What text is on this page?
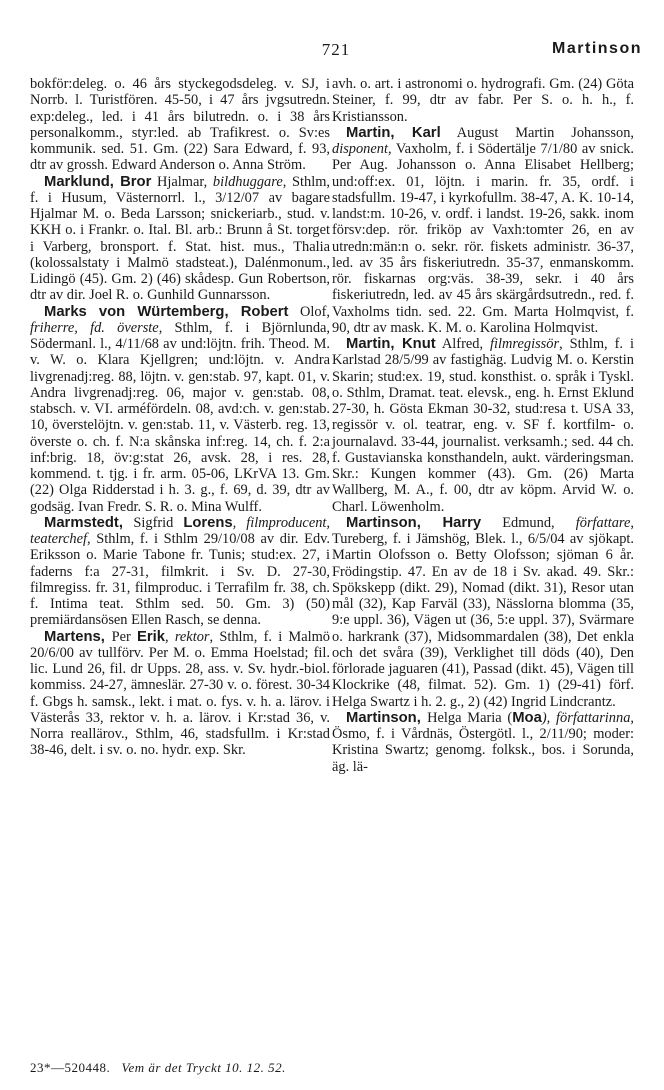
721	Martinson

bokför:deleg. o. 46 års styckegodsdeleg. v. SJ, i Norrb. l. Turistfören. 45-50, i 47 års jvgsutredn. exp:deleg., led. i 41 års bilutredn. o. i 38 års personalkomm., styr:led. ab Trafikrest. o. Sv:es kommunik. sed. 51. Gm. (22) Sara Edward, f. 93, dtr av grossh. Edward Anderson o. Anna Ström.

Marklund, Bror Hjalmar, bildhuggare, Sthlm, f. i Husum, Västernorrl. l., 3/12/07 av bagare Hjalmar M. o. Beda Larsson; snickeriarb., stud. v. KKH o. i Frankr. o. Ital. Bl. arb.: Brunn å St. torget i Varberg, bronsport. f. Stat. hist. mus., Thalia (kolossalstaty i Malmö stadsteat.), Dalénmonum., Lidingö (45). Gm. 2) (46) skådesp. Gun Robertson, dtr av dir. Joel R. o. Gunhild Gunnarsson.

Marks von Würtemberg, Robert Olof, friherre, fd. överste, Sthlm, f. i Björnlunda, Södermanl. l., 4/11/68 av und:löjtn. frih. Theod. M. v. W. o. Klara Kjellgren; und:löjtn. v. Andra livgrenadj:reg. 88, löjtn. v. gen:stab. 97, kapt. 01, v. Andra livgrenadj:reg. 06, major v. gen:stab. 08, stabsch. v. VI. arméfördeln. 08, avd:ch. v. gen:stab. 10, överstelöjtn. v. gen:stab. 11, v. Västerb. reg. 13, överste o. ch. f. N:a skånska inf:reg. 14, ch. f. 2:a inf:brig. 18, öv:g:stat 26, avsk. 28, i res. 28, kommend. t. tjg. i fr. arm. 05-06, LKrVA 13. Gm. (22) Olga Ridderstad i h. 3. g., f. 69, d. 39, dtr av godsäg. Ivan Fredr. S. R. o. Mina Wulff.

Marmstedt, Sigfrid Lorens, filmproducent, teaterchef, Sthlm, f. i Sthlm 29/10/08 av dir. Edv. Eriksson o. Marie Tabone fr. Tunis; stud:ex. 27, i faderns f:a 27-31, filmkrit. i Sv. D. 27-30, filmregiss. fr. 31, filmproduc. i Terrafilm fr. 38, ch. f. Intima teat. Sthlm sed. 50. Gm. 3) (50) premiärdansösen Ellen Rasch, se denna.

Martens, Per Erik, rektor, Sthlm, f. i Malmö 20/6/00 av tullförv. Per M. o. Emma Hoelstad; fil. lic. Lund 26, fil. dr Upps. 28, ass. v. Sv. hydr.-biol. kommiss. 24-27, ämneslär. 27-30 v. o. förest. 30-34 f. Gbgs h. samsk., lekt. i mat. o. fys. v. h. a. lärov. i Västerås 33, rektor v. h. a. lärov. i Kr:stad 36, v. Norra reallärov., Sthlm, 46, stadsfullm. i Kr:stad 38-46, delt. i sv. o. no. hydr. exp. Skr.

avh. o. art. i astronomi o. hydrografi. Gm. (24) Göta Steiner, f. 99, dtr av fabr. Per S. o. h. h., f. Kristiansson.

Martin, Karl August Martin Johansson, disponent, Vaxholm, f. i Södertälje 7/1/80 av snick. Per Aug. Johansson o. Anna Elisabet Hellberg; und:off:ex. 01, löjtn. i marin. fr. 35, ordf. i stadsfullm. 19-47, i kyrkofullm. 38-47, A. K. 10-14, landst:m. 10-26, v. ordf. i landst. 19-26, sakk. inom försv:dep. rör. friköp av Vaxh:tomter 26, en av utredn:män:n o. sekr. rör. fiskets administr. 36-37, led. av 35 års fiskeriutredn. 35-37, enmanskomm. rör. fiskarnas org:väs. 38-39, sekr. i 40 års fiskeriutredn, led. av 45 års skärgårdsutredn., red. f. Vaxholms tidn. sed. 22. Gm. Marta Holmqvist, f. 90, dtr av mask. K. M. o. Karolina Holmqvist.

Martin, Knut Alfred, filmregissör, Sthlm, f. i Karlstad 28/5/99 av fastighäg. Ludvig M. o. Kerstin Skarin; stud:ex. 19, stud. konsthist. o. språk i Tyskl. o. Sthlm, Dramat. teat. elevsk., eng. h. Ernst Eklund 27-30, h. Gösta Ekman 30-32, stud:resa t. USA 33, regissör v. ol. teatrar, eng. v. SF f. kortfilm- o. journalavd. 33-44, journalist. verksamh.; sed. 44 ch. f. Gustavianska konsthandeln, aukt. värderingsman. Skr.: Kungen kommer (43). Gm. (26) Marta Wallberg, M. A., f. 00, dtr av köpm. Arvid W. o. Charl. Löwenholm.

Martinson, Harry Edmund, författare, Tureberg, f. i Jämshög, Blek. l., 6/5/04 av sjökapt. Martin Olofsson o. Betty Olofsson; sjöman 6 år. Frödingstip. 47. En av de 18 i Sv. akad. 49. Skr.: Spökskepp (dikt. 29), Nomad (dikt. 31), Resor utan mål (32), Kap Farväl (33), Nässlorna blomma (35, 9:e uppl. 36), Vägen ut (36, 5:e uppl. 37), Svärmare o. harkrank (37), Midsommardalen (38), Det enkla och det svåra (39), Verklighet till döds (40), Den förlorade jaguaren (41), Passad (dikt. 45), Vägen till Klockrike (48, filmat. 52). Gm. 1) (29-41) förf. Helga Swartz i h. 2. g., 2) (42) Ingrid Lindcrantz.

Martinson, Helga Maria (Moa), författarinna, Ösmo, f. i Vårdnäs, Östergötl. l., 2/11/90; moder: Kristina Swartz; genomg. folksk., bos. i Sorunda, äg. lä-

23*—520448. Vem är det Tryckt 10. 12. 52.
